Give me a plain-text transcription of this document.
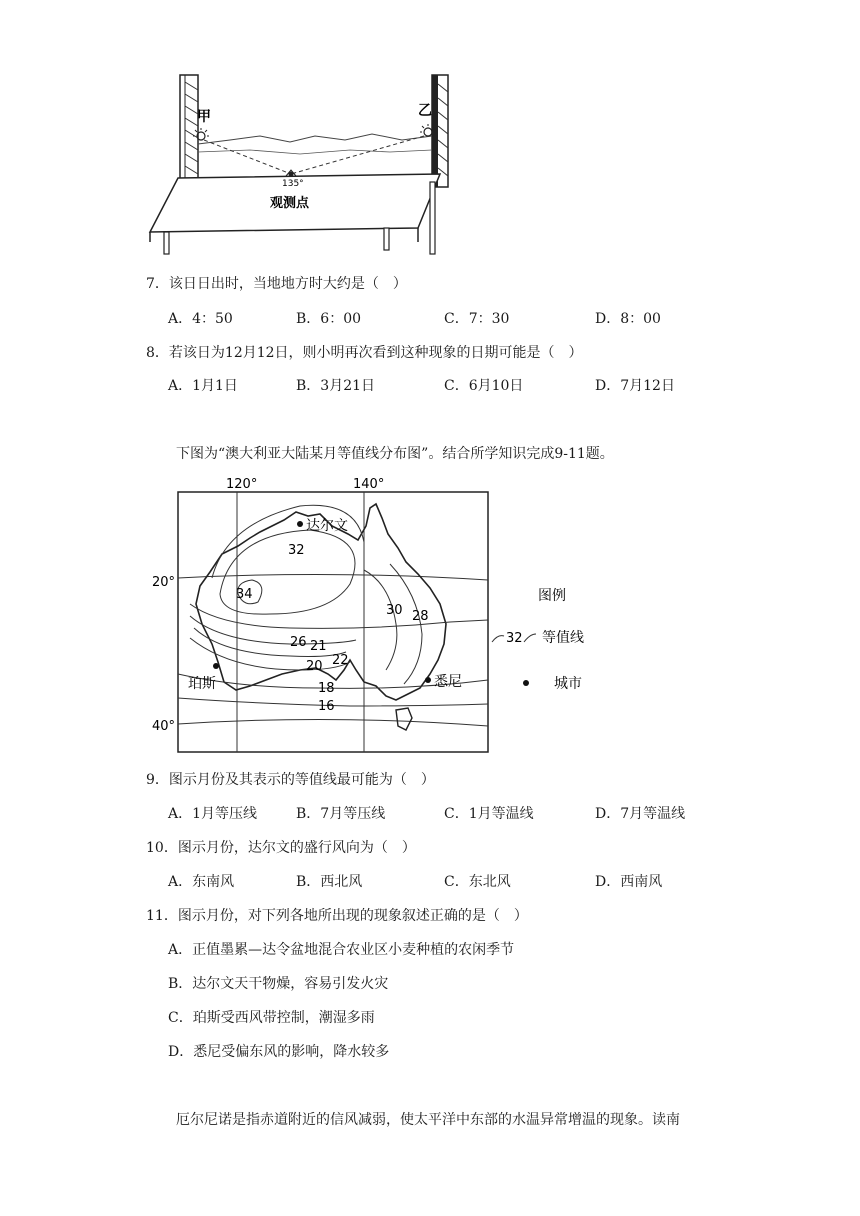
甲	乙
135°
观测点
7．该日日出时，当地地方时大约是（　）
A．4：50	B．6：00	C．7：30	D．8：00
8．若该日为12月12日，则小明再次看到这种现象的日期可能是（　）
A．1月1日	B．3月21日	C．6月10日	D．7月12日
下图为“澳大利亚大陆某月等值线分布图”。结合所学知识完成9-11题。
120°	140°
20°
40°
32
34
30 28
26 21
22
20
18
16
达尔文
珀斯	悉尼
图例
32 等值线
城市
9．图示月份及其表示的等值线最可能为（　）
A．1月等压线	B．7月等压线	C．1月等温线	D．7月等温线
10．图示月份，达尔文的盛行风向为（　）
A．东南风	B．西北风	C．东北风	D．西南风
11．图示月份，对下列各地所出现的现象叙述正确的是（　）
A．正值墨累—达令盆地混合农业区小麦种植的农闲季节
B．达尔文天干物燥，容易引发火灾
C．珀斯受西风带控制，潮湿多雨
D．悉尼受偏东风的影响，降水较多
厄尔尼诺是指赤道附近的信风减弱，使太平洋中东部的水温异常增温的现象。读南
